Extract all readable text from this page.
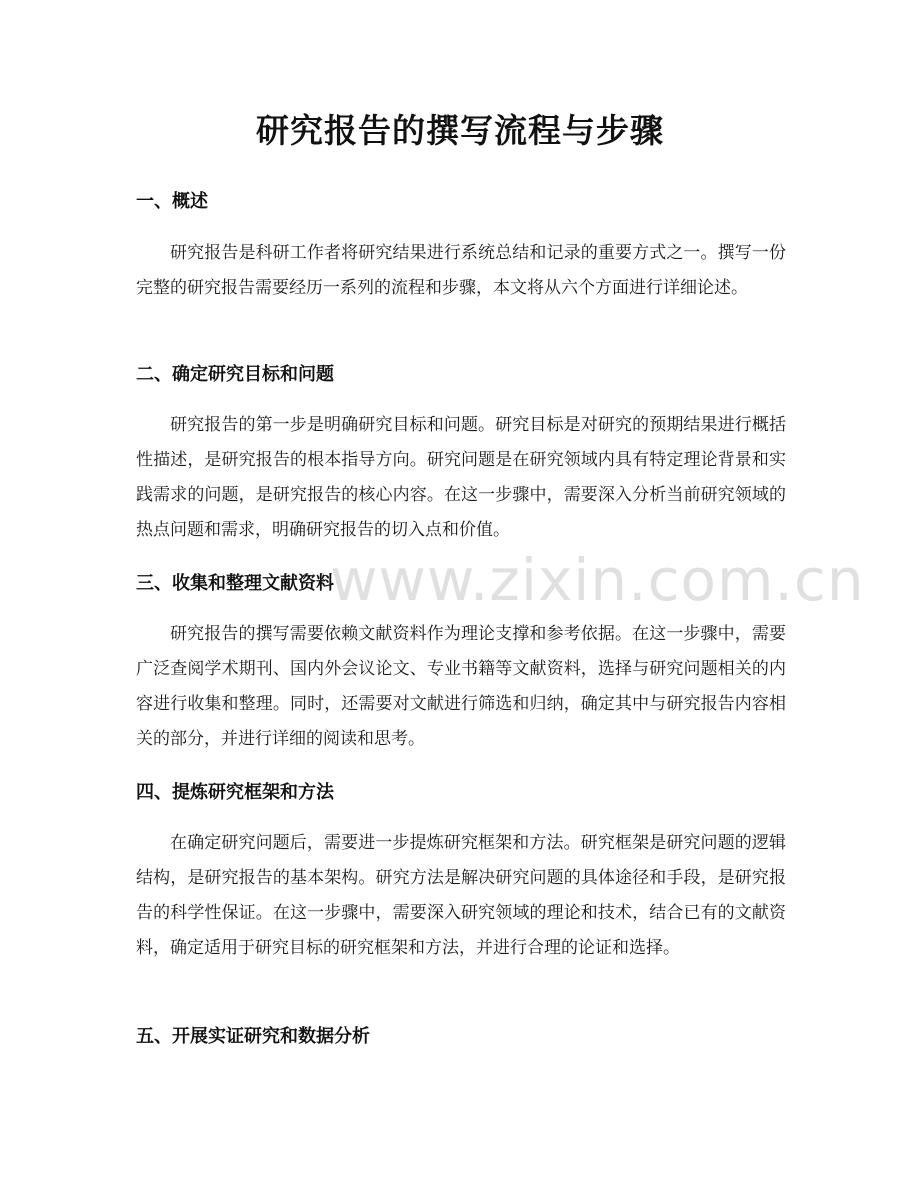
研究报告的撰写流程与步骤
一、概述
研究报告是科研工作者将研究结果进行系统总结和记录的重要方式之一。撰写一份完整的研究报告需要经历一系列的流程和步骤，本文将从六个方面进行详细论述。
二、确定研究目标和问题
研究报告的第一步是明确研究目标和问题。研究目标是对研究的预期结果进行概括性描述，是研究报告的根本指导方向。研究问题是在研究领域内具有特定理论背景和实践需求的问题，是研究报告的核心内容。在这一步骤中，需要深入分析当前研究领域的热点问题和需求，明确研究报告的切入点和价值。
三、收集和整理文献资料
研究报告的撰写需要依赖文献资料作为理论支撑和参考依据。在这一步骤中，需要广泛查阅学术期刊、国内外会议论文、专业书籍等文献资料，选择与研究问题相关的内容进行收集和整理。同时，还需要对文献进行筛选和归纳，确定其中与研究报告内容相关的部分，并进行详细的阅读和思考。
四、提炼研究框架和方法
在确定研究问题后，需要进一步提炼研究框架和方法。研究框架是研究问题的逻辑结构，是研究报告的基本架构。研究方法是解决研究问题的具体途径和手段，是研究报告的科学性保证。在这一步骤中，需要深入研究领域的理论和技术，结合已有的文献资料，确定适用于研究目标的研究框架和方法，并进行合理的论证和选择。
五、开展实证研究和数据分析
www.zixin.com.cn
